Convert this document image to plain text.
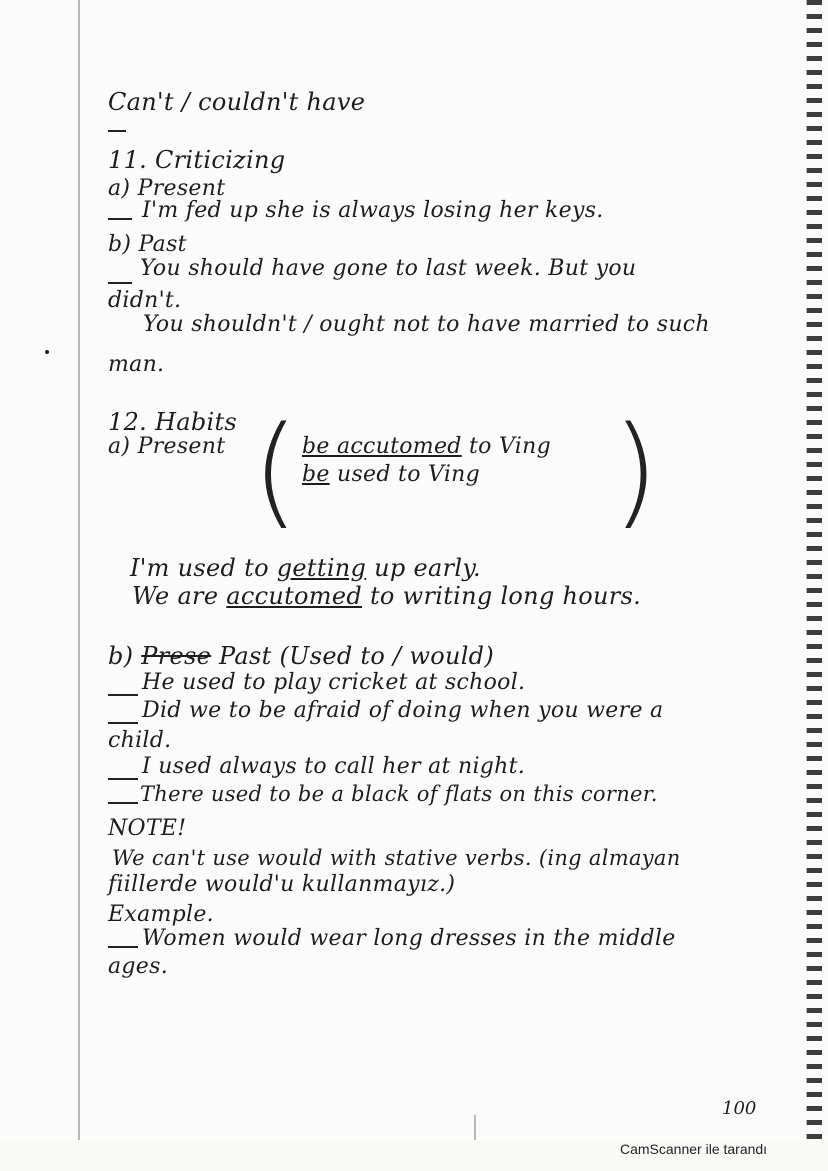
Can't / couldn't have
11. Criticizing
a) Present
I'm fed up she is always losing her keys.
b) Past
You should have gone to last week. But you
didn't.
You shouldn't / ought not to have married to such
man.
12. Habits
a) Present (	)
be accutomed to Ving
be used to Ving
I'm used to getting up early.
We are accutomed to writing long hours.
b) Prese Past (Used to / would)
He used to play cricket at school.
Did we to be afraid of doing when you were a
child.
I used always to call her at night.
There used to be a black of flats on this corner.
NOTE!
We can't use would with stative verbs. (ing almayan
fiillerde would'u kullanmayız.)
Example.
Women would wear long dresses in the middle
ages.
100
CamScanner ile tarandı
